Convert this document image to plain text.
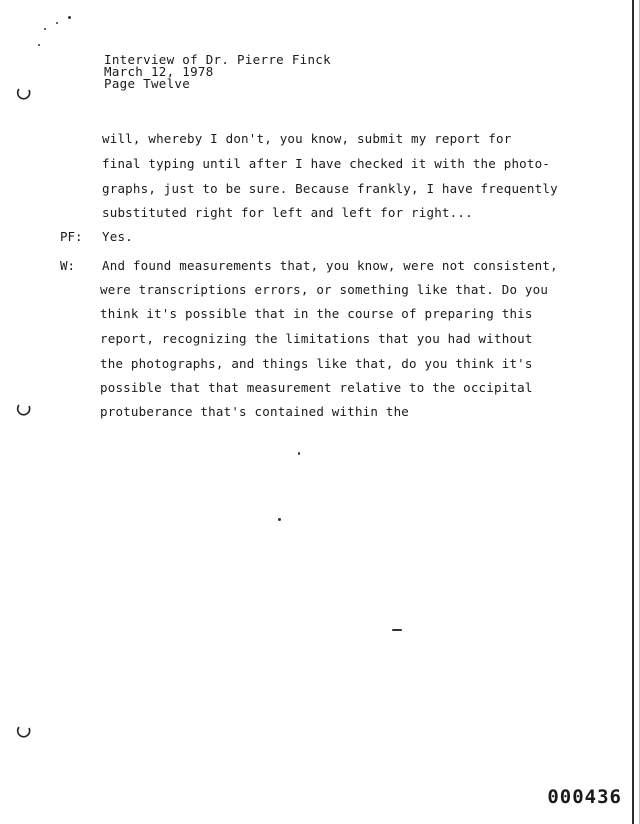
Interview of Dr. Pierre Finck
March 12, 1978
Page Twelve
will, whereby I don't, you know, submit my report for
final typing until after I have checked it with the photo-
graphs, just to be sure. Because frankly, I have frequently
substituted right for left and left for right...
PF: Yes.
W: And found measurements that, you know, were not consistent,
were transcriptions errors, or something like that. Do you
think it's possible that in the course of preparing this
report, recognizing the limitations that you had without
the photographs, and things like that, do you think it's
possible that that measurement relative to the occipital
protuberance that's contained within the
000436
